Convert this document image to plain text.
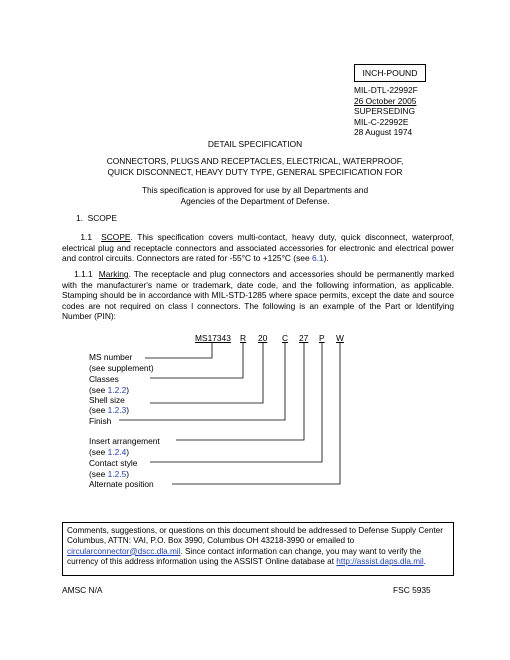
INCH-POUND
MIL-DTL-22992F
26 October 2005
SUPERSEDING
MIL-C-22992E
28 August 1974
DETAIL SPECIFICATION
CONNECTORS, PLUGS AND RECEPTACLES, ELECTRICAL, WATERPROOF,
QUICK DISCONNECT, HEAVY DUTY TYPE, GENERAL SPECIFICATION FOR
This specification is approved for use by all Departments and
Agencies of the Department of Defense.
1. SCOPE
1.1 SCOPE. This specification covers multi-contact, heavy duty, quick disconnect, waterproof, electrical plug and receptacle connectors and associated accessories for electronic and electrical power and control circuits. Connectors are rated for -55°C to +125°C (see 6.1).
1.1.1 Marking. The receptacle and plug connectors and accessories should be permanently marked with the manufacturer's name or trademark, date code, and the following information, as applicable. Stamping should be in accordance with MIL-STD-1285 where space permits, except the date and source codes are not required on class l connectors. The following is an example of the Part or Identifying Number (PIN):
MS17343 R 20 C 27 P W
MS number
(see supplement)
Classes
(see 1.2.2)
Shell size
(see 1.2.3)
Finish
Insert arrangement
(see 1.2.4)
Contact style
(see 1.2.5)
Alternate position
Comments, suggestions, or questions on this document should be addressed to Defense Supply Center Columbus, ATTN: VAI, P.O. Box 3990, Columbus OH 43218-3990 or emailed to circularconnector@dscc.dla.mil. Since contact information can change, you may want to verify the currency of this address information using the ASSIST Online database at http://assist.daps.dla.mil.
AMSC N/A	FSC 5935
